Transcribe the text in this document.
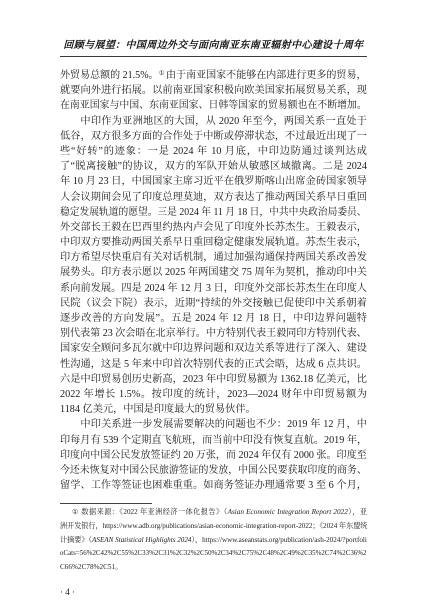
回顾与展望：中国周边外交与面向南亚东南亚辐射中心建设十周年
外贸易总额的 21.5%。① 由于南亚国家不能够在内部进行更多的贸易，
就要向外进行拓展。以前南亚国家积极向欧美国家拓展贸易关系，现
在南亚国家与中国、东南亚国家、日韩等国家的贸易额也在不断增加。
中印作为亚洲地区的大国，从 2020 年至今，两国关系一直处于
低谷，双方很多方面的合作处于中断或停滞状态，不过最近出现了一
些“好转”的迹象：一是 2024 年 10 月底，中印边防通过谈判达成
了“脱离接触”的协议，双方的军队开始从敏感区域撤离。二是 2024
年 10 月 23 日，中国国家主席习近平在俄罗斯喀山出席金砖国家领导
人会议期间会见了印度总理莫迪，双方表达了推动两国关系早日重回
稳定发展轨道的愿望。三是 2024 年 11 月 18 日，中共中央政治局委员、
外交部长王毅在巴西里约热内卢会见了印度外长苏杰生。王毅表示，
中印双方要推动两国关系早日重回稳定健康发展轨道。苏杰生表示，
印方希望尽快重启有关对话机制，通过加强沟通保持两国关系改善发
展势头。印方表示愿以 2025 年两国建交 75 周年为契机，推动印中关
系向前发展。四是 2024 年 12 月 3 日，印度外交部长苏杰生在印度人
民院（议会下院）表示，近期“持续的外交接触已促使印中关系朝着
逐步改善的方向发展”。五是 2024 年 12 月 18 日，中印边界问题特
别代表第 23 次会晤在北京举行。中方特别代表王毅同印方特别代表、
国家安全顾问多瓦尔就中印边界问题和双边关系等进行了深入、建设
性沟通，这是 5 年来中印首次特别代表的正式会晤，达成 6 点共识。
六是中印贸易创历史新高，2023 年中印贸易额为 1362.18 亿美元，比
2022 年增长 1.5%。按印度的统计，2023—2024 财年中印贸易额为
1184 亿美元，中国是印度最大的贸易伙伴。
中印关系进一步发展需要解决的问题也不少：2019 年 12 月，中
印每月有 539 个定期直飞航班，而当前中印没有恢复直航。2019 年，
印度向中国公民发放签证约 20 万张，而 2024 年仅有 2000 张。印度至
今还未恢复对中国公民旅游签证的发放，中国公民要获取印度的商务、
留学、工作等签证也困难重重。如商务签证办理通常要 3 至 6 个月，
① 数据来源：《2022 年亚洲经济一体化报告》（Asian Economic Integration Report 2022），亚
洲开发银行，https://www.adb.org/publications/asian-economic-integration-report-2022；《2024 年东盟统
计摘要》（ASEAN Statistical Highlights 2024），https://www.aseanstats.org/publication/ash-2024/?portfoli
oCats=56%2C42%2C55%2C33%2C31%2C32%2C50%2C34%2C75%2C48%2C49%2C35%2C74%2C36%2
C66%2C78%2C51。
· 4 ·
